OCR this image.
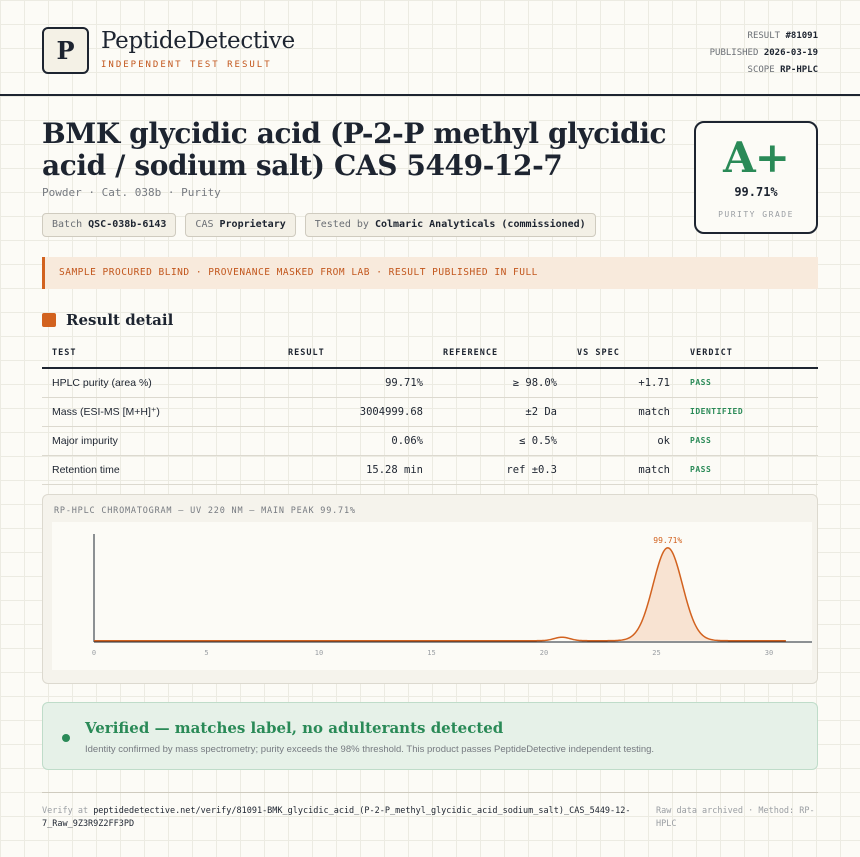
P PeptideDetective
INDEPENDENT TEST RESULT
RESULT #81091
PUBLISHED 2026-03-19
SCOPE RP-HPLC
BMK glycidic acid (P-2-P methyl glycidic acid / sodium salt) CAS 5449-12-7
Powder · Cat. 038b · Purity
Batch QSC-038b-6143	CAS Proprietary	Tested by Colmaric Analyticals (commissioned)
A+
99.71%
PURITY GRADE
SAMPLE PROCURED BLIND · PROVENANCE MASKED FROM LAB · RESULT PUBLISHED IN FULL
Result detail
TEST	RESULT	REFERENCE	VS SPEC	VERDICT
HPLC purity (area %)	99.71%	≥ 98.0%	+1.71	PASS
Mass (ESI-MS [M+H]⁺)	3004999.68	±2 Da	match	IDENTIFIED
Major impurity	0.06%	≤ 0.5%	ok	PASS
Retention time	15.28 min	ref ±0.3	match	PASS
RP-HPLC CHROMATOGRAM — UV 220 NM — MAIN PEAK 99.71%
0	5	10	15	20	25	30
99.71%
Verified — matches label, no adulterants detected
Identity confirmed by mass spectrometry; purity exceeds the 98% threshold. This product passes PeptideDetective independent testing.
Verify at peptidedetective.net/verify/81091-BMK_glycidic_acid_(P-2-P_methyl_glycidic_acid_sodium_salt)_CAS_5449-12-7_Raw_9Z3R9Z2FF3PD
Raw data archived · Method: RP-HPLC
